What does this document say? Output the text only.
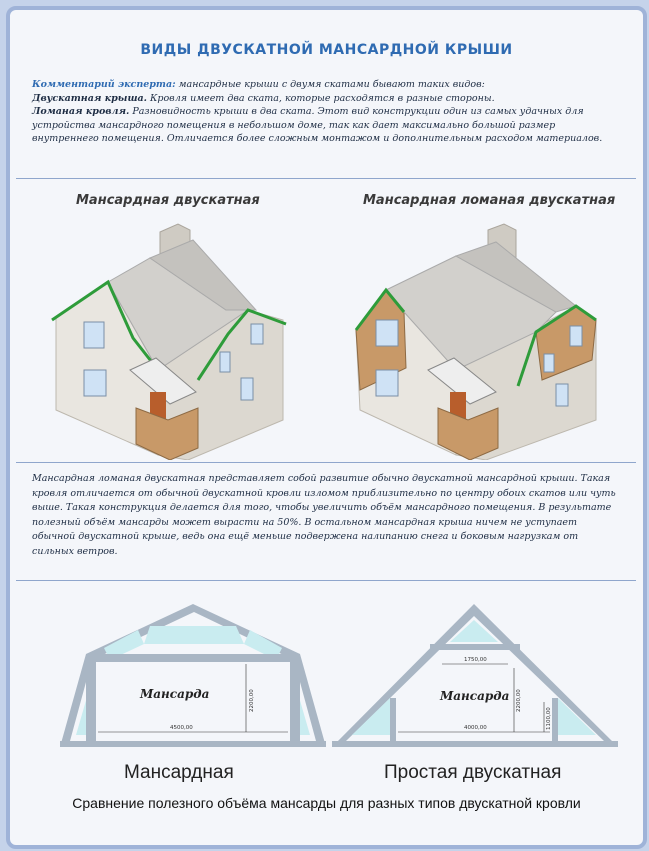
ВИДЫ ДВУСКАТНОЙ МАНСАРДНОЙ КРЫШИ
Комментарий эксперта: мансардные крыши с двумя скатами бывают таких видов:
Двускатная крыша. Кровля имеет два ската, которые расходятся в разные стороны.
Ломаная кровля. Разновидность крыши в два ската. Этот вид конструкции один из самых удачных для устройства мансардного помещения в небольшом доме, так как дает максимально большой размер внутреннего помещения. Отличается более сложным монтажом и дополнительным расходом материалов.
Мансардная двускатная	Мансардная ломаная двускатная
Мансардная ломаная двускатная представляет собой развитие обычно двускатной мансардной крыши. Такая кровля отличается от обычной двускатной кровли изломом приблизительно по центру обоих скатов или чуть выше. Такая конструкция делается для того, чтобы увеличить объём мансардного помещения. В результате полезный объём мансарды может вырасти на 50%. В остальном мансардная крыша ничем не уступает обычной двускатной крыше, ведь она ещё меньше подвержена налипанию снега и боковым нагрузкам от сильных ветров.
Мансарда
4500,00
2200,00
1750,00
Мансарда
4000,00
2200,00
1100,00
Мансардная	Простая двускатная
Сравнение полезного объёма мансарды для разных типов двускатной кровли
